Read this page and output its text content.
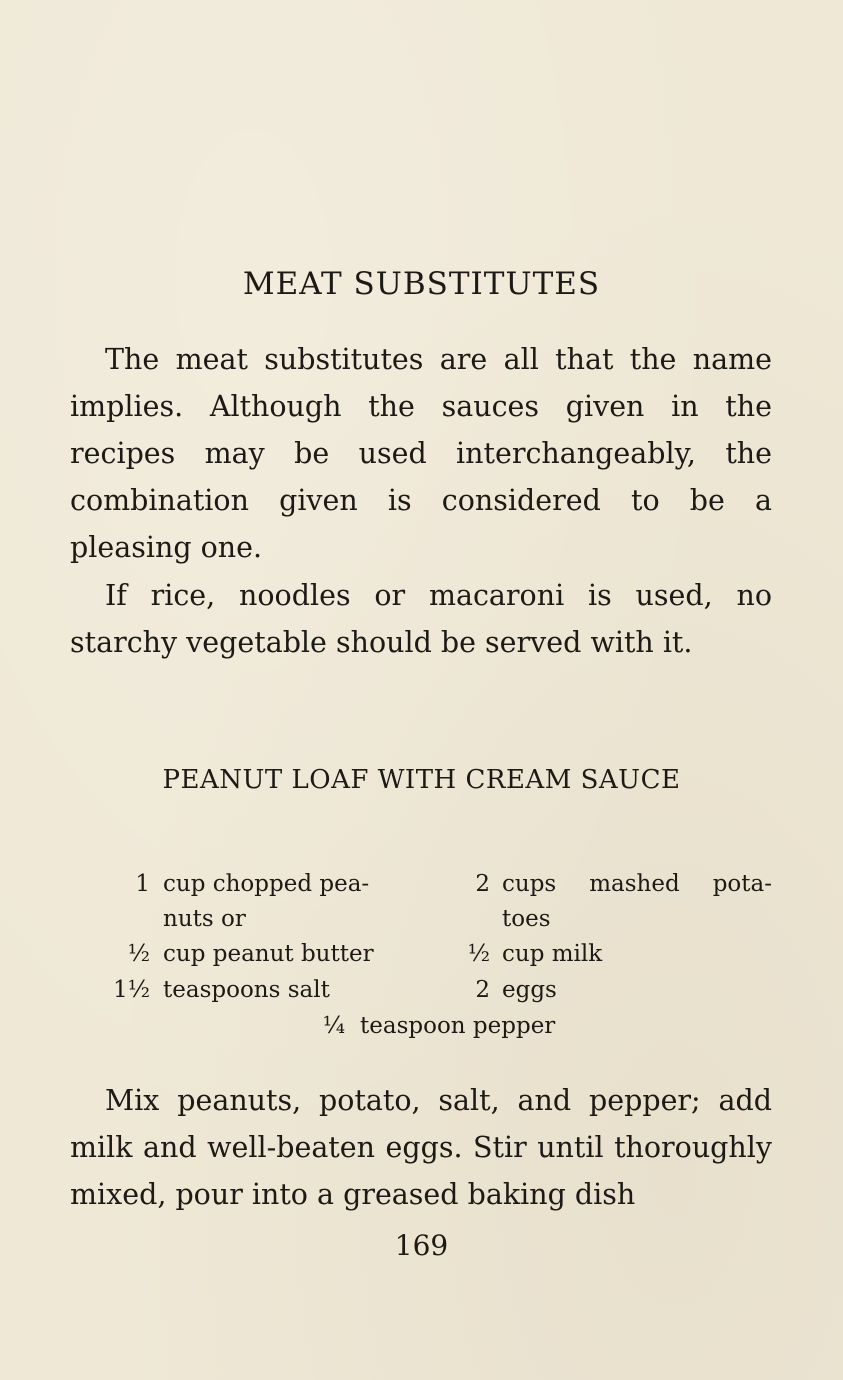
MEAT SUBSTITUTES

The meat substitutes are all that the name implies. Although the sauces given in the recipes may be used interchangeably, the combination given is considered to be a pleasing one.

If rice, noodles or macaroni is used, no starchy vegetable should be served with it.

PEANUT LOAF WITH CREAM SAUCE
1 cup chopped pea-
nuts or
½ cup peanut butter
1½ teaspoons salt
2 cups mashed pota-
toes
½ cup milk
2 eggs
¼ teaspoon pepper

Mix peanuts, potato, salt, and pepper; add milk and well-beaten eggs. Stir until thoroughly mixed, pour into a greased baking dish

169
